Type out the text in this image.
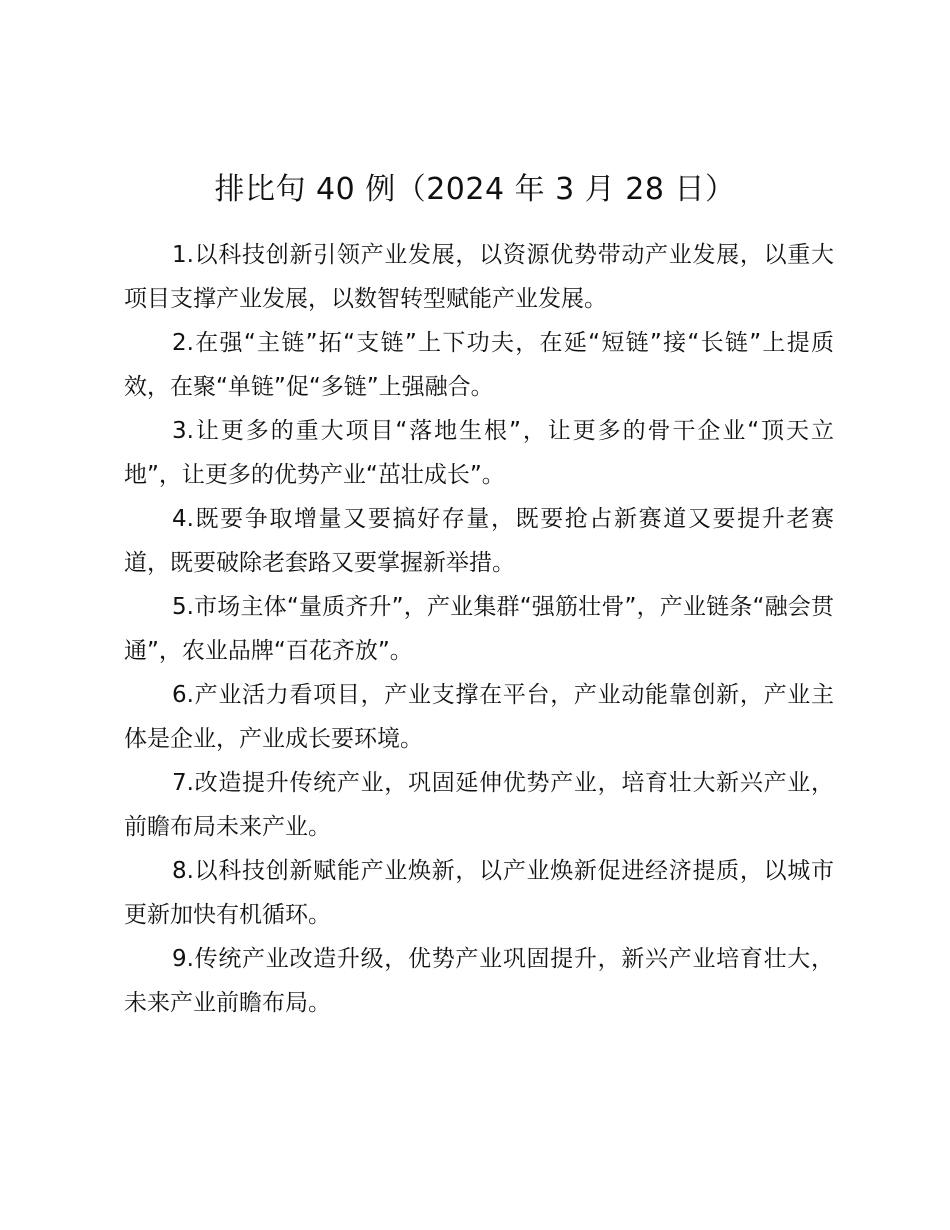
排比句 40 例（2024 年 3 月 28 日）

1.以科技创新引领产业发展，以资源优势带动产业发展，以重大项目支撑产业发展，以数智转型赋能产业发展。

2.在强“主链”拓“支链”上下功夫，在延“短链”接“长链”上提质效，在聚“单链”促“多链”上强融合。

3.让更多的重大项目“落地生根”，让更多的骨干企业“顶天立地”，让更多的优势产业“茁壮成长”。

4.既要争取增量又要搞好存量，既要抢占新赛道又要提升老赛道，既要破除老套路又要掌握新举措。

5.市场主体“量质齐升”，产业集群“强筋壮骨”，产业链条“融会贯通”，农业品牌“百花齐放”。

6.产业活力看项目，产业支撑在平台，产业动能靠创新，产业主体是企业，产业成长要环境。

7.改造提升传统产业，巩固延伸优势产业，培育壮大新兴产业，前瞻布局未来产业。

8.以科技创新赋能产业焕新，以产业焕新促进经济提质，以城市更新加快有机循环。

9.传统产业改造升级，优势产业巩固提升，新兴产业培育壮大，未来产业前瞻布局。
